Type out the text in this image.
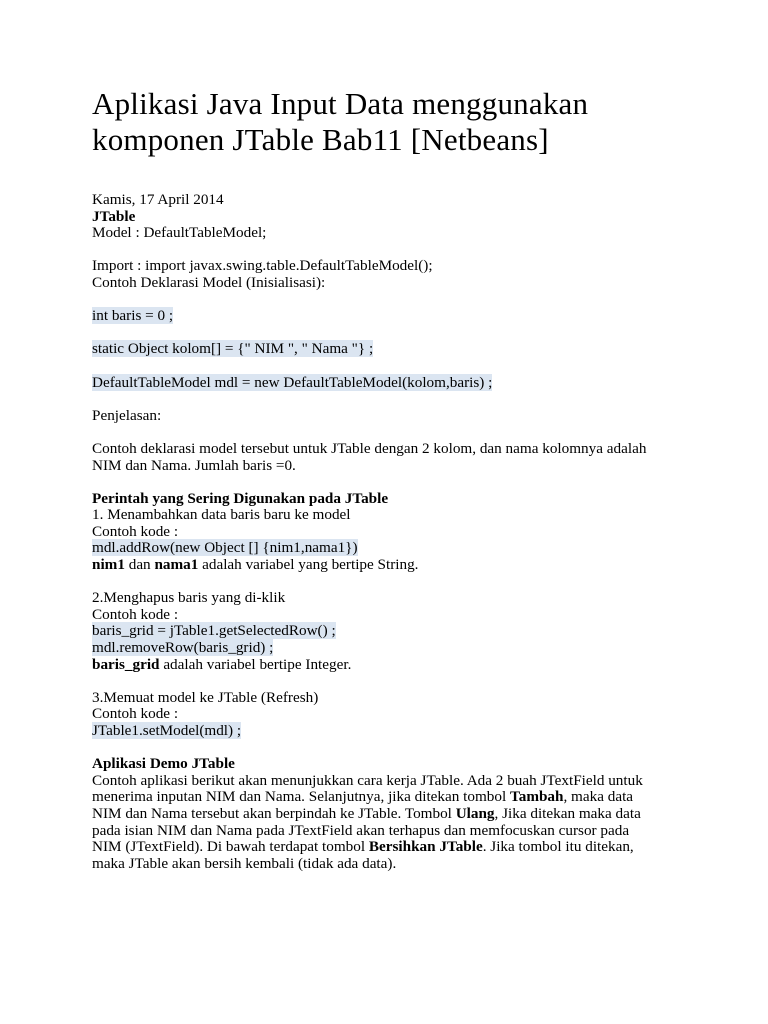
Aplikasi Java Input Data menggunakan
komponen JTable Bab11 [Netbeans]

Kamis, 17 April 2014

JTable

Model : DefaultTableModel;

Import : import javax.swing.table.DefaultTableModel();

Contoh Deklarasi Model (Inisialisasi):

int baris = 0 ;

static Object kolom[] = {" NIM ", " Nama "} ;

DefaultTableModel mdl = new DefaultTableModel(kolom,baris) ;

Penjelasan:

Contoh deklarasi model tersebut untuk JTable dengan 2 kolom, dan nama kolomnya adalah

NIM dan Nama. Jumlah baris =0.

Perintah yang Sering Digunakan pada JTable

1. Menambahkan data baris baru ke model

Contoh kode :

mdl.addRow(new Object [] {nim1,nama1})

nim1 dan nama1 adalah variabel yang bertipe String.

2.Menghapus baris yang di-klik

Contoh kode :

baris_grid = jTable1.getSelectedRow() ;

mdl.removeRow(baris_grid) ;

baris_grid adalah variabel bertipe Integer.

3.Memuat model ke JTable (Refresh)

Contoh kode :

JTable1.setModel(mdl) ;

Aplikasi Demo JTable

Contoh aplikasi berikut akan menunjukkan cara kerja JTable. Ada 2 buah JTextField untuk

menerima inputan NIM dan Nama. Selanjutnya, jika ditekan tombol Tambah, maka data

NIM dan Nama tersebut akan berpindah ke JTable. Tombol Ulang, Jika ditekan maka data

pada isian NIM dan Nama pada JTextField akan terhapus dan memfocuskan cursor pada

NIM (JTextField). Di bawah terdapat tombol Bersihkan JTable. Jika tombol itu ditekan,

maka JTable akan bersih kembali (tidak ada data).
